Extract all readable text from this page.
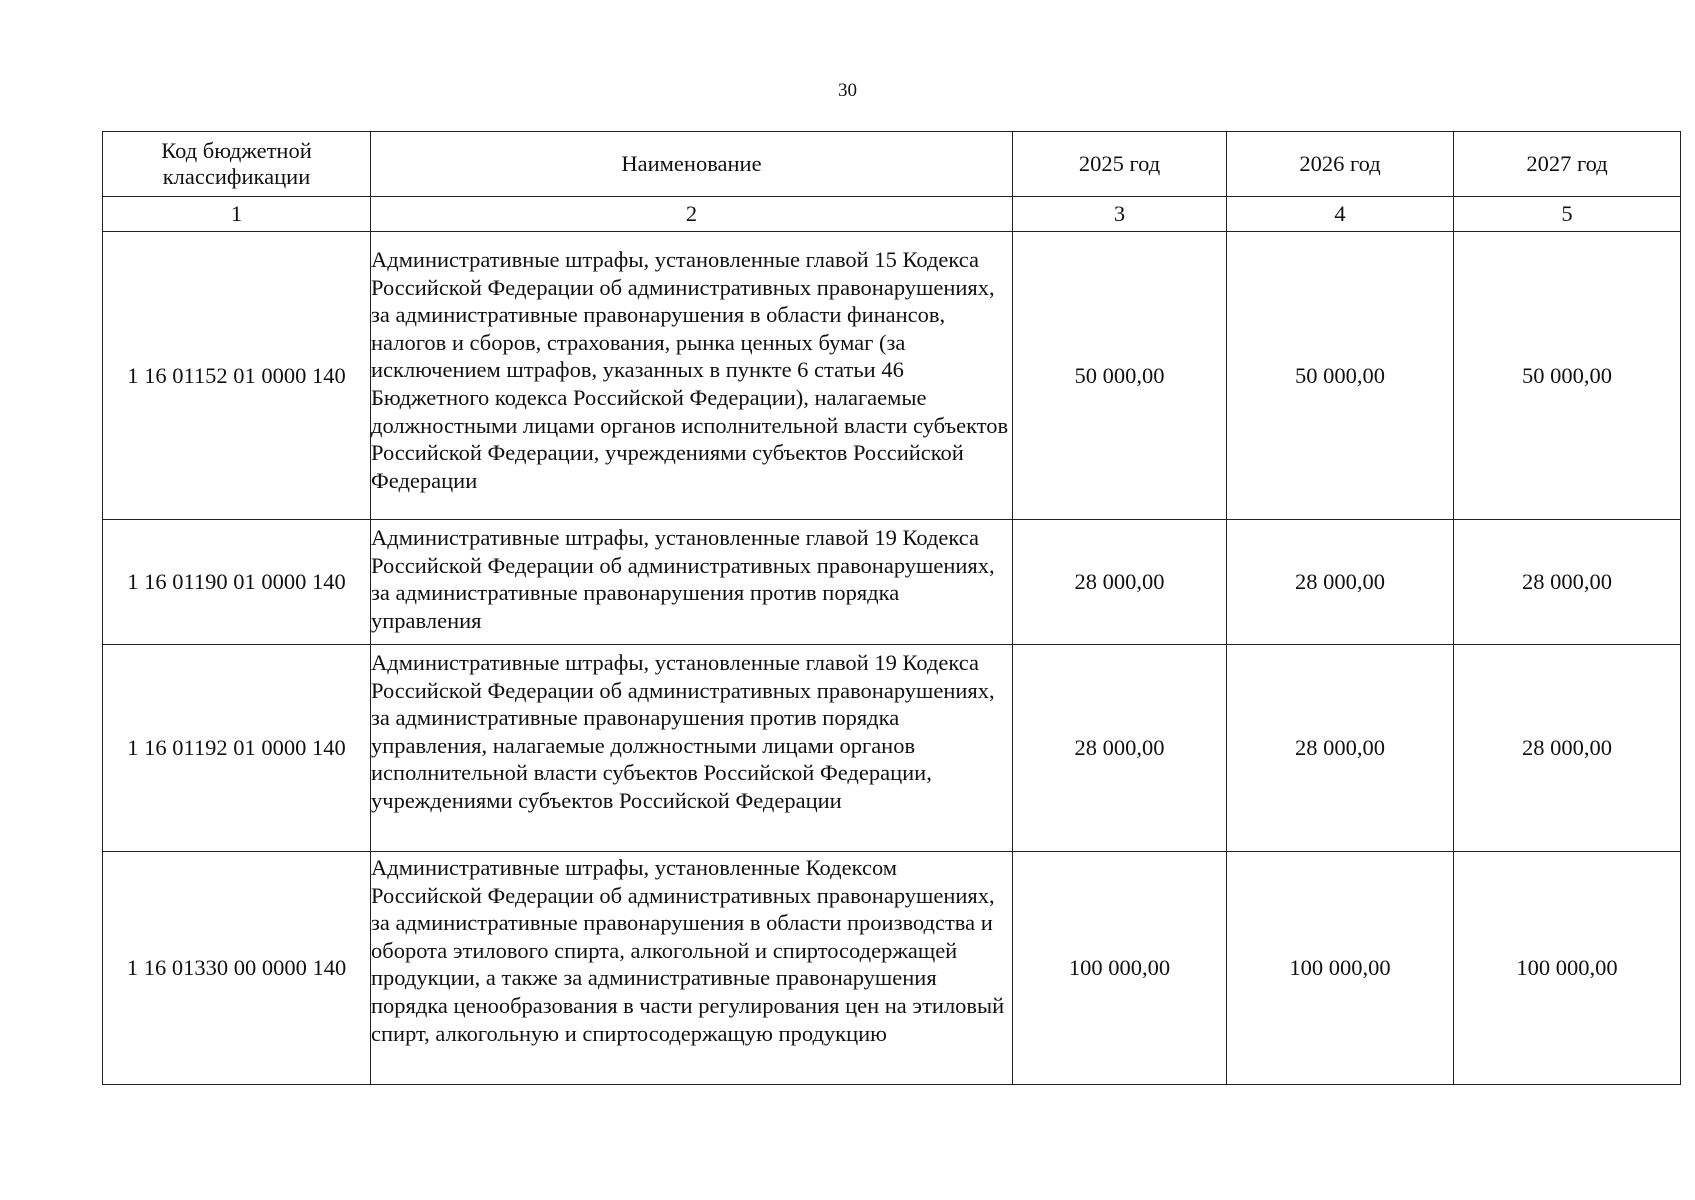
30
Код бюджетной классификации	Наименование	2025 год	2026 год	2027 год
1	2	3	4	5
1 16 01152 01 0000 140	Административные штрафы, установленные главой 15 Кодекса Российской Федерации об административных правонарушениях, за административные правонарушения в области финансов, налогов и сборов, страхования, рынка ценных бумаг (за исключением штрафов, указанных в пункте 6 статьи 46 Бюджетного кодекса Российской Федерации), налагаемые должностными лицами органов исполнительной власти субъектов Российской Федерации, учреждениями субъектов Российской Федерации	50 000,00	50 000,00	50 000,00
1 16 01190 01 0000 140	Административные штрафы, установленные главой 19 Кодекса Российской Федерации об административных правонарушениях, за административные правонарушения против порядка управления	28 000,00	28 000,00	28 000,00
1 16 01192 01 0000 140	Административные штрафы, установленные главой 19 Кодекса Российской Федерации об административных правонарушениях, за административные правонарушения против порядка управления, налагаемые должностными лицами органов исполнительной власти субъектов Российской Федерации, учреждениями субъектов Российской Федерации	28 000,00	28 000,00	28 000,00
1 16 01330 00 0000 140	Административные штрафы, установленные Кодексом Российской Федерации об административных правонарушениях, за административные правонарушения в области производства и оборота этилового спирта, алкогольной и спиртосодержащей продукции, а также за административные правонарушения порядка ценообразования в части регулирования цен на этиловый спирт, алкогольную и спиртосодержащую продукцию	100 000,00	100 000,00	100 000,00
